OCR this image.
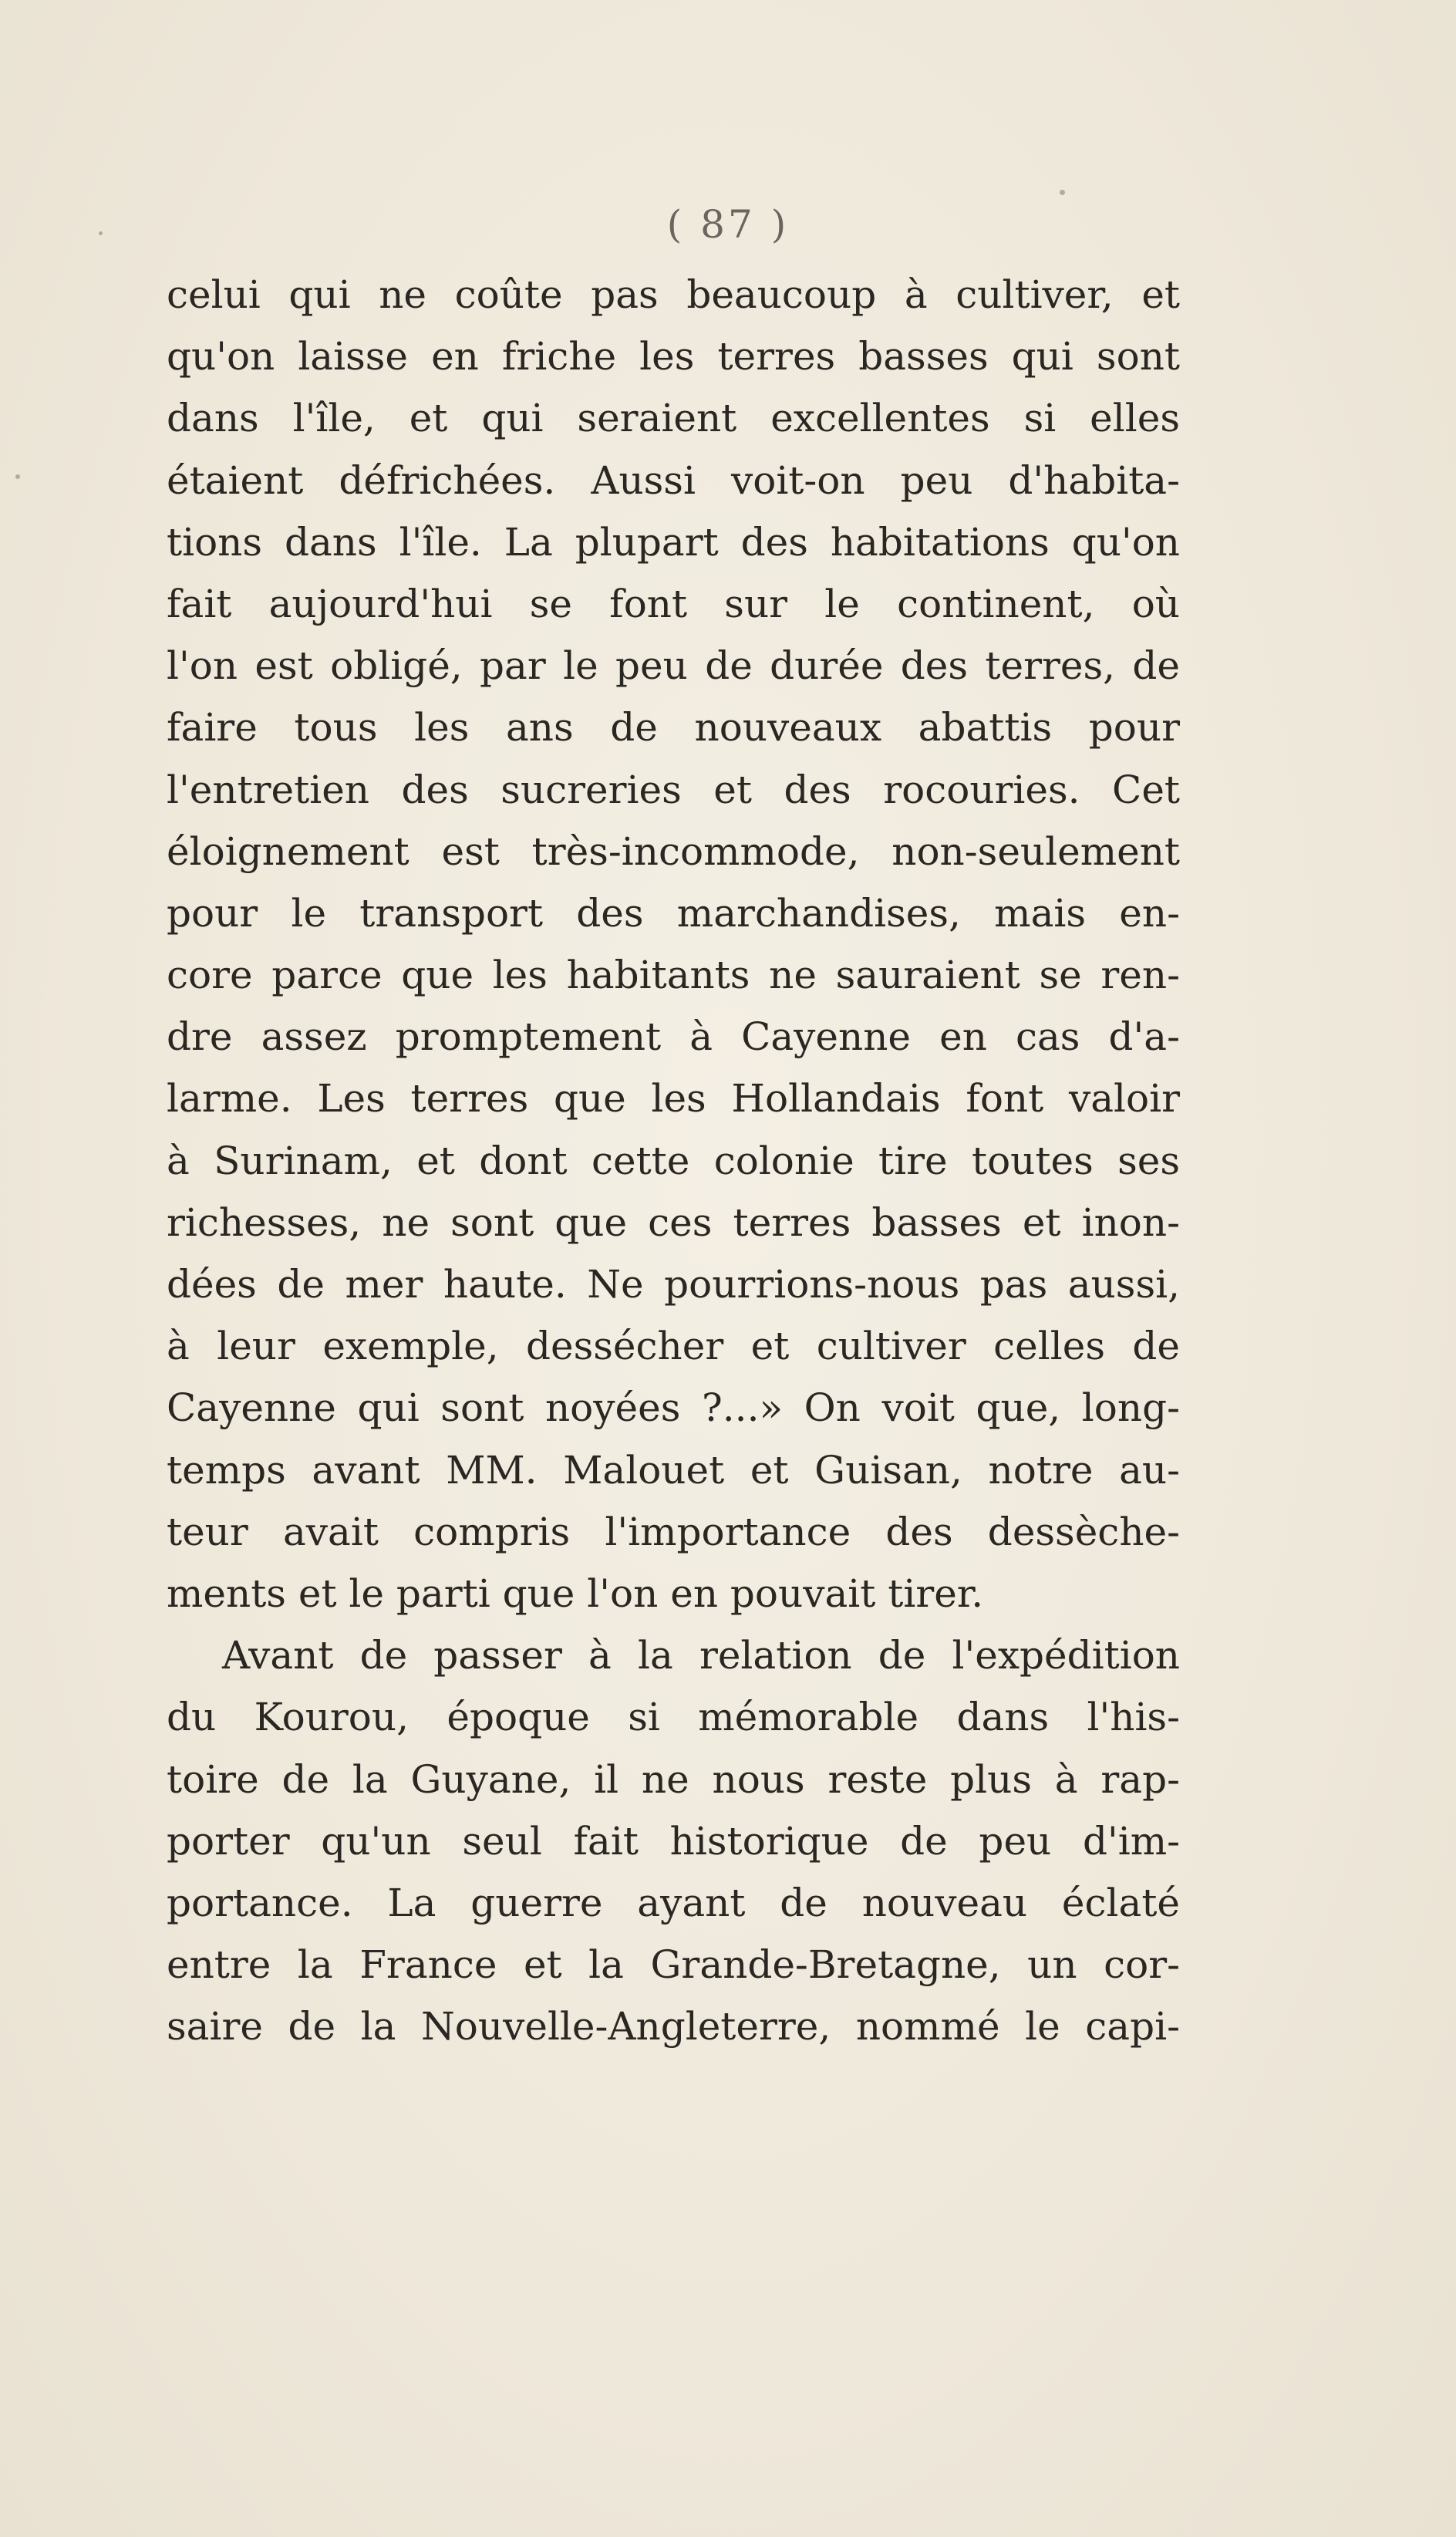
( 87 )
celui qui ne coûte pas beaucoup à cultiver, et
qu'on laisse en friche les terres basses qui sont
dans l'île, et qui seraient excellentes si elles
étaient défrichées. Aussi voit-on peu d'habita-
tions dans l'île. La plupart des habitations qu'on
fait aujourd'hui se font sur le continent, où
l'on est obligé, par le peu de durée des terres, de
faire tous les ans de nouveaux abattis pour
l'entretien des sucreries et des rocouries. Cet
éloignement est très-incommode, non-seulement
pour le transport des marchandises, mais en-
core parce que les habitants ne sauraient se ren-
dre assez promptement à Cayenne en cas d'a-
larme. Les terres que les Hollandais font valoir
à Surinam, et dont cette colonie tire toutes ses
richesses, ne sont que ces terres basses et inon-
dées de mer haute. Ne pourrions-nous pas aussi,
à leur exemple, dessécher et cultiver celles de
Cayenne qui sont noyées ?...» On voit que, long-
temps avant MM. Malouet et Guisan, notre au-
teur avait compris l'importance des dessèche-
ments et le parti que l'on en pouvait tirer.
Avant de passer à la relation de l'expédition
du Kourou, époque si mémorable dans l'his-
toire de la Guyane, il ne nous reste plus à rap-
porter qu'un seul fait historique de peu d'im-
portance. La guerre ayant de nouveau éclaté
entre la France et la Grande-Bretagne, un cor-
saire de la Nouvelle-Angleterre, nommé le capi-
